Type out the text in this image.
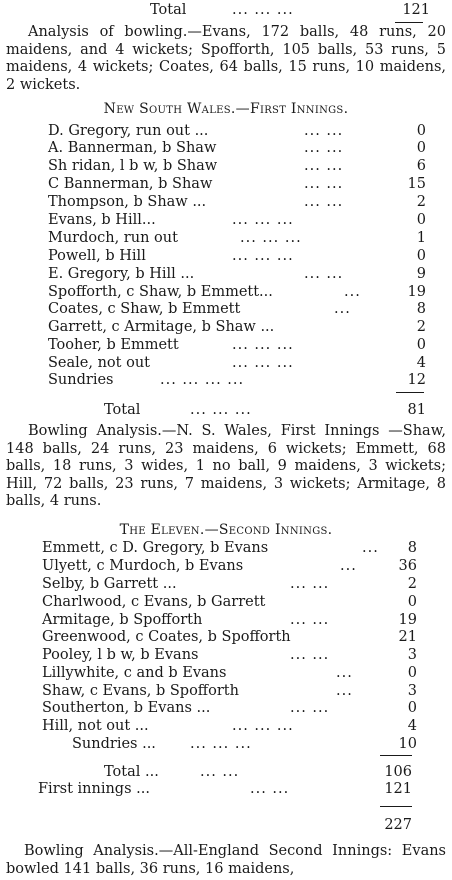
Total	... ... ...	121

Analysis of bowling.—Evans, 172 balls, 48 runs, 20 maidens, and 4 wickets; Spofforth, 105 balls, 53 runs, 5 maidens, 4 wickets; Coates, 64 balls, 15 runs, 10 maidens, 2 wickets.

New South Wales.—First Innings.
D. Gregory, run out ...	... ...	0
A. Bannerman, b Shaw	... ...	0
Sh ridan, l b w, b Shaw	... ...	6
C Bannerman, b Shaw	... ...	15
Thompson, b Shaw ...	... ...	2
Evans, b Hill...	... ... ...	0
Murdoch, run out	... ... ...	1
Powell, b Hill	... ... ...	0
E. Gregory, b Hill ...	... ...	9
Spofforth, c Shaw, b Emmett...	...	19
Coates, c Shaw, b Emmett	...	8
Garrett, c Armitage, b Shaw ...	2
Tooher, b Emmett	... ... ...	0
Seale, not out	... ... ...	4
Sundries	... ... ... ...	12
Total	... ... ...	81

Bowling Analysis.—N. S. Wales, First Innings —Shaw, 148 balls, 24 runs, 23 maidens, 6 wickets; Emmett, 68 balls, 18 runs, 3 wides, 1 no ball, 9 maidens, 3 wickets; Hill, 72 balls, 23 runs, 7 maidens, 3 wickets; Armitage, 8 balls, 4 runs.

The Eleven.—Second Innings.
Emmett, c D. Gregory, b Evans	...	8
Ulyett, c Murdoch, b Evans	...	36
Selby, b Garrett ...	... ...	2
Charlwood, c Evans, b Garrett	0
Armitage, b Spofforth	... ...	19
Greenwood, c Coates, b Spofforth	21
Pooley, l b w, b Evans	... ...	3
Lillywhite, c and b Evans	...	0
Shaw, c Evans, b Spofforth	...	3
Southerton, b Evans ...	... ...	0
Hill, not out ...	... ... ...	4
Sundries ... ... ... ...	10
Total ...	... ...	106
First innings ...	... ...	121
227

Bowling Analysis.—All-England Second Innings: Evans bowled 141 balls, 36 runs, 16 maidens,
